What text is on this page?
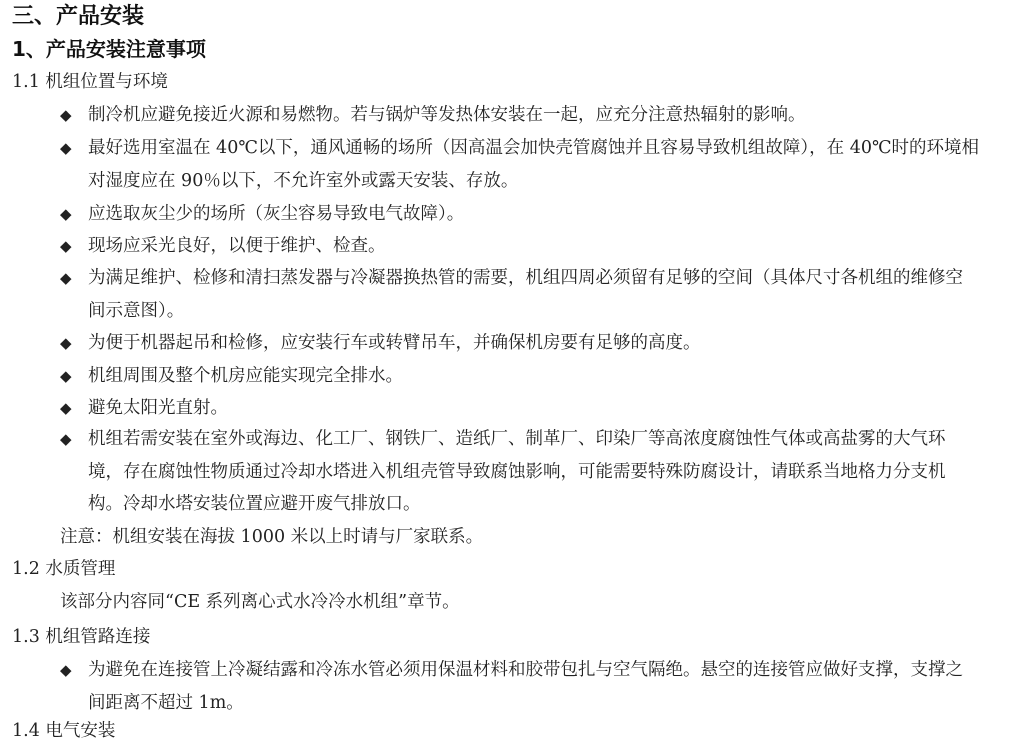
三、产品安装
1、产品安装注意事项
1.1 机组位置与环境
◆ 制冷机应避免接近火源和易燃物。若与锅炉等发热体安装在一起，应充分注意热辐射的影响。
◆ 最好选用室温在 40℃以下，通风通畅的场所（因高温会加快壳管腐蚀并且容易导致机组故障），在 40℃时的环境相对湿度应在 90％以下，不允许室外或露天安装、存放。
◆ 应选取灰尘少的场所（灰尘容易导致电气故障）。
◆ 现场应采光良好，以便于维护、检查。
◆ 为满足维护、检修和清扫蒸发器与冷凝器换热管的需要，机组四周必须留有足够的空间（具体尺寸各机组的维修空间示意图）。
◆ 为便于机器起吊和检修，应安装行车或转臂吊车，并确保机房要有足够的高度。
◆ 机组周围及整个机房应能实现完全排水。
◆ 避免太阳光直射。
◆ 机组若需安装在室外或海边、化工厂、钢铁厂、造纸厂、制革厂、印染厂等高浓度腐蚀性气体或高盐雾的大气环境，存在腐蚀性物质通过冷却水塔进入机组壳管导致腐蚀影响，可能需要特殊防腐设计，请联系当地格力分支机构。冷却水塔安装位置应避开废气排放口。
注意：机组安装在海拔 1000 米以上时请与厂家联系。
1.2 水质管理
该部分内容同“CE 系列离心式水冷冷水机组”章节。
1.3 机组管路连接
◆ 为避免在连接管上冷凝结露和冷冻水管必须用保温材料和胶带包扎与空气隔绝。悬空的连接管应做好支撑，支撑之间距离不超过 1m。
1.4 电气安装
